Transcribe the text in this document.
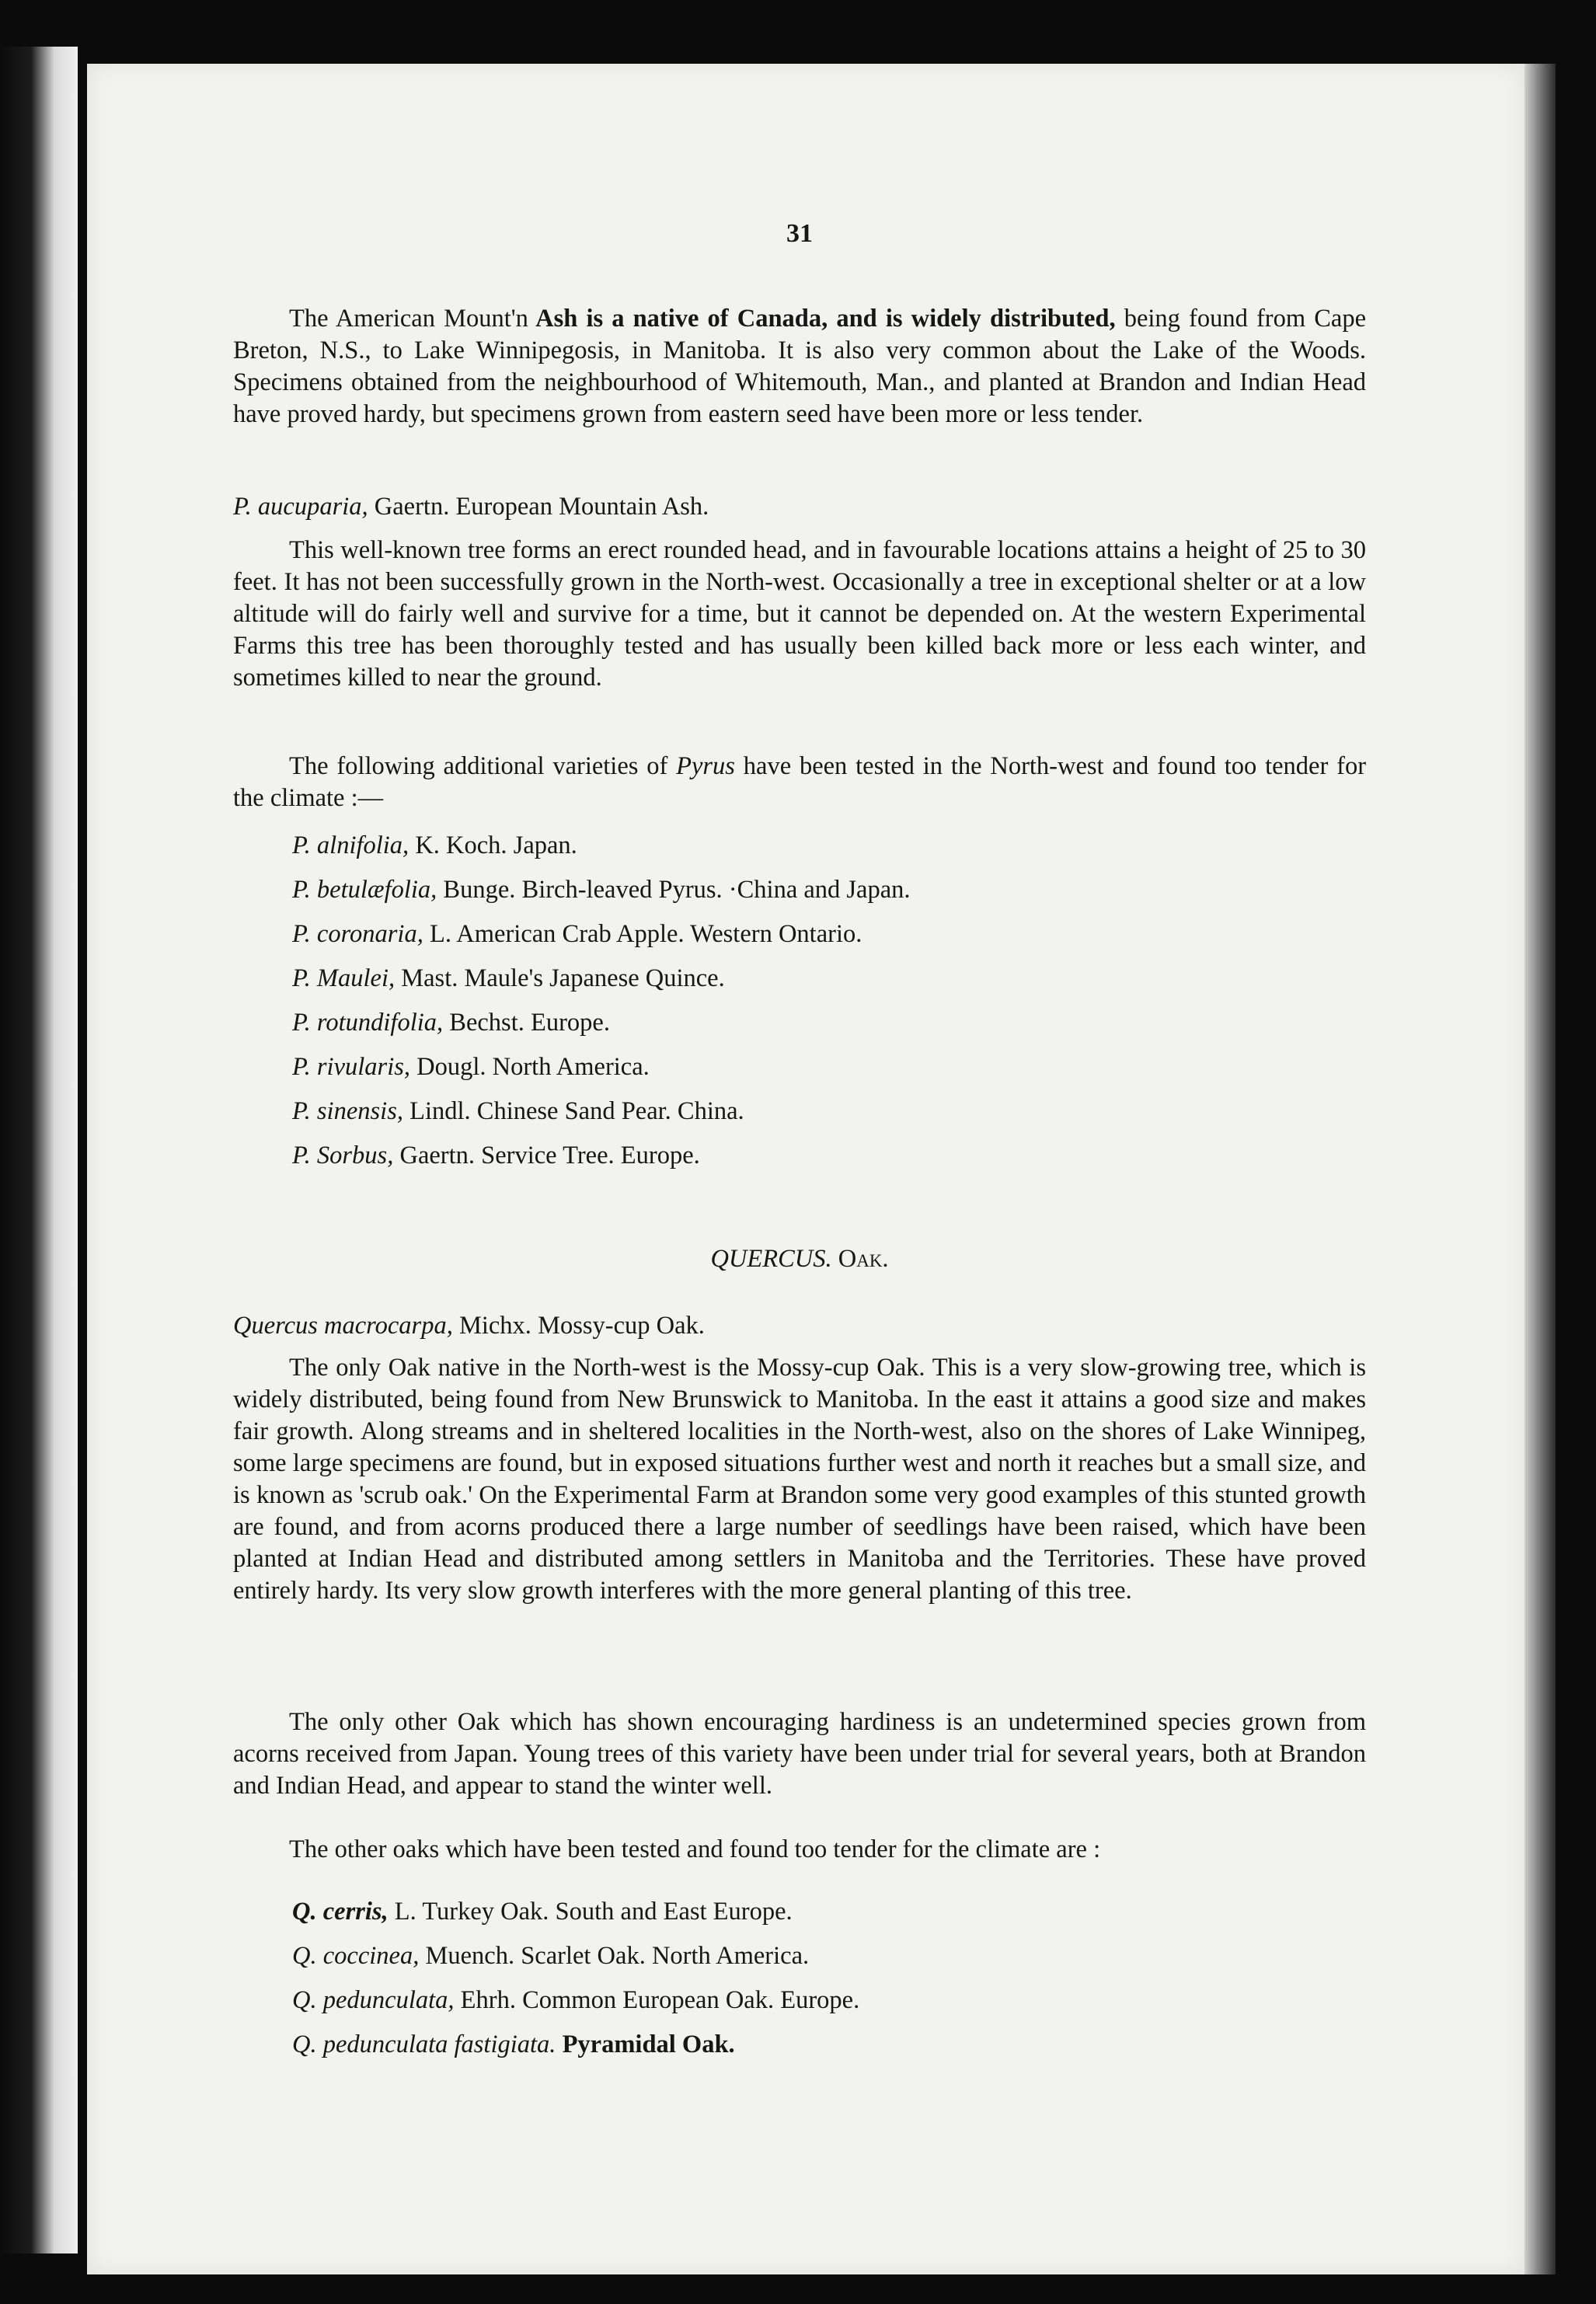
31

The American Mount'n Ash is a native of Canada, and is widely distributed, being found from Cape Breton, N.S., to Lake Winnipegosis, in Manitoba. It is also very common about the Lake of the Woods. Specimens obtained from the neighbourhood of Whitemouth, Man., and planted at Brandon and Indian Head have proved hardy, but specimens grown from eastern seed have been more or less tender.

P. aucuparia, Gaertn. European Mountain Ash.

This well-known tree forms an erect rounded head, and in favourable locations attains a height of 25 to 30 feet. It has not been successfully grown in the North-west. Occasionally a tree in exceptional shelter or at a low altitude will do fairly well and survive for a time, but it cannot be depended on. At the western Experimental Farms this tree has been thoroughly tested and has usually been killed back more or less each winter, and sometimes killed to near the ground.

The following additional varieties of Pyrus have been tested in the North-west and found too tender for the climate :—

P. alnifolia, K. Koch. Japan.
P. betulæfolia, Bunge. Birch-leaved Pyrus. ·China and Japan.
P. coronaria, L. American Crab Apple. Western Ontario.
P. Maulei, Mast. Maule's Japanese Quince.
P. rotundifolia, Bechst. Europe.
P. rivularis, Dougl. North America.
P. sinensis, Lindl. Chinese Sand Pear. China.
P. Sorbus, Gaertn. Service Tree. Europe.
QUERCUS. Oak.

Quercus macrocarpa, Michx. Mossy-cup Oak.

The only Oak native in the North-west is the Mossy-cup Oak. This is a very slow-growing tree, which is widely distributed, being found from New Brunswick to Manitoba. In the east it attains a good size and makes fair growth. Along streams and in sheltered localities in the North-west, also on the shores of Lake Winnipeg, some large specimens are found, but in exposed situations further west and north it reaches but a small size, and is known as 'scrub oak.' On the Experimental Farm at Brandon some very good examples of this stunted growth are found, and from acorns produced there a large number of seedlings have been raised, which have been planted at Indian Head and distributed among settlers in Manitoba and the Territories. These have proved entirely hardy. Its very slow growth interferes with the more general planting of this tree.

The only other Oak which has shown encouraging hardiness is an undetermined species grown from acorns received from Japan. Young trees of this variety have been under trial for several years, both at Brandon and Indian Head, and appear to stand the winter well.

The other oaks which have been tested and found too tender for the climate are :

Q. cerris, L. Turkey Oak. South and East Europe.
Q. coccinea, Muench. Scarlet Oak. North America.
Q. pedunculata, Ehrh. Common European Oak. Europe.
Q. pedunculata fastigiata. Pyramidal Oak.
